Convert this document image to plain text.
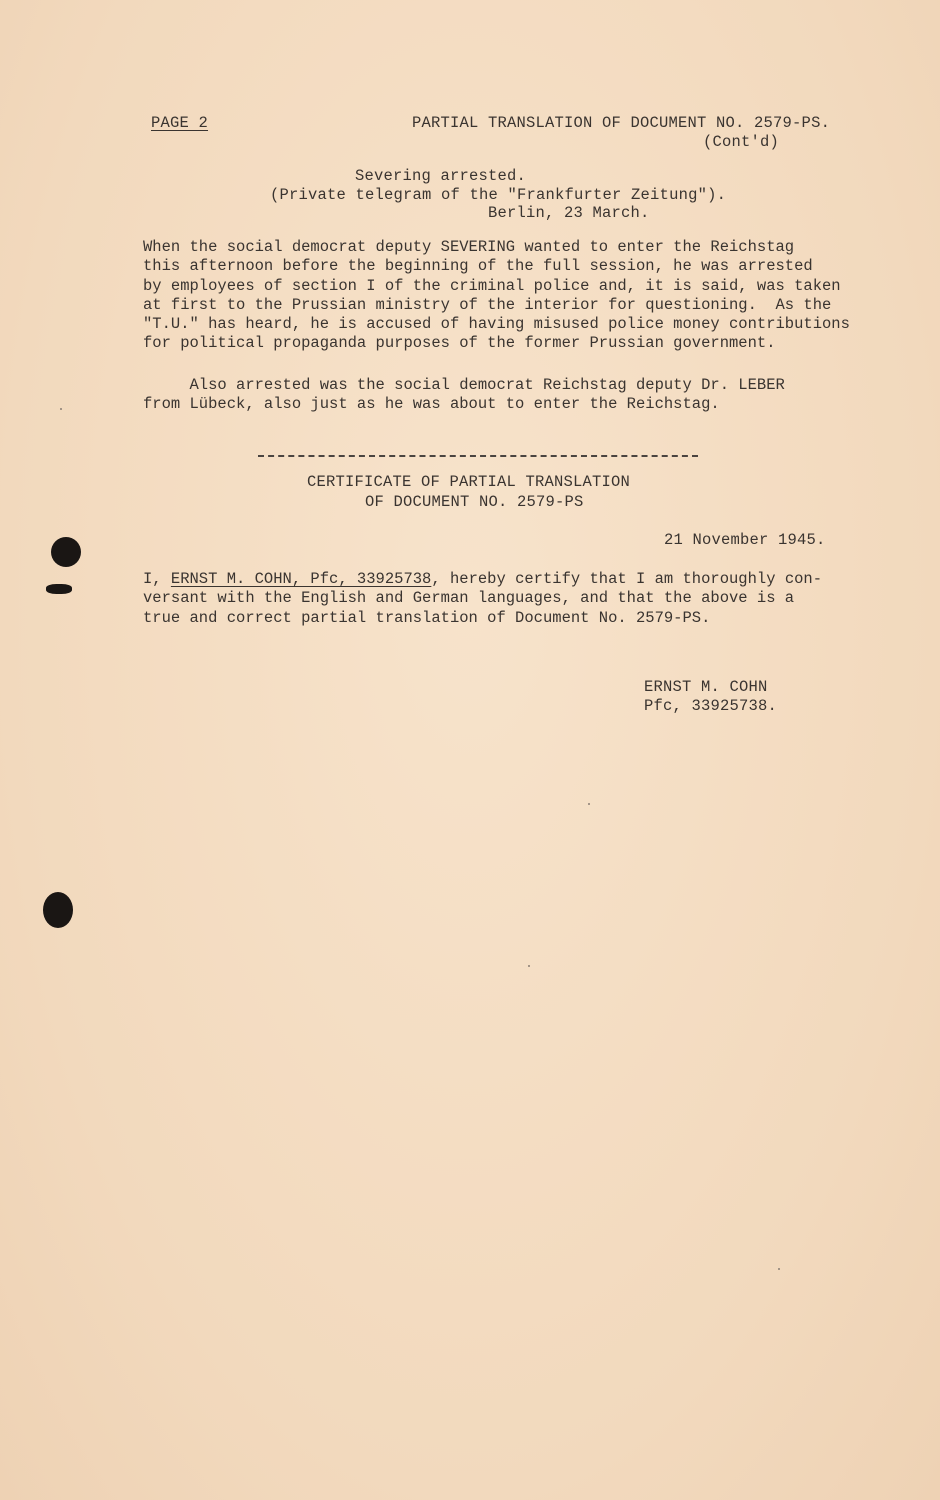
PAGE 2	PARTIAL TRANSLATION OF DOCUMENT NO. 2579-PS.
(Cont'd)
Severing arrested.
(Private telegram of the "Frankfurter Zeitung").
Berlin, 23 March.
When the social democrat deputy SEVERING wanted to enter the Reichstag
this afternoon before the beginning of the full session, he was arrested
by employees of section I of the criminal police and, it is said, was taken
at first to the Prussian ministry of the interior for questioning.  As the
"T.U." has heard, he is accused of having misused police money contributions
for political propaganda purposes of the former Prussian government.
Also arrested was the social democrat Reichstag deputy Dr. LEBER
from Lübeck, also just as he was about to enter the Reichstag.
CERTIFICATE OF PARTIAL TRANSLATION
OF DOCUMENT NO. 2579-PS
21 November 1945.
I, ERNST M. COHN, Pfc, 33925738, hereby certify that I am thoroughly con-
versant with the English and German languages, and that the above is a
true and correct partial translation of Document No. 2579-PS.
ERNST M. COHN
Pfc, 33925738.
